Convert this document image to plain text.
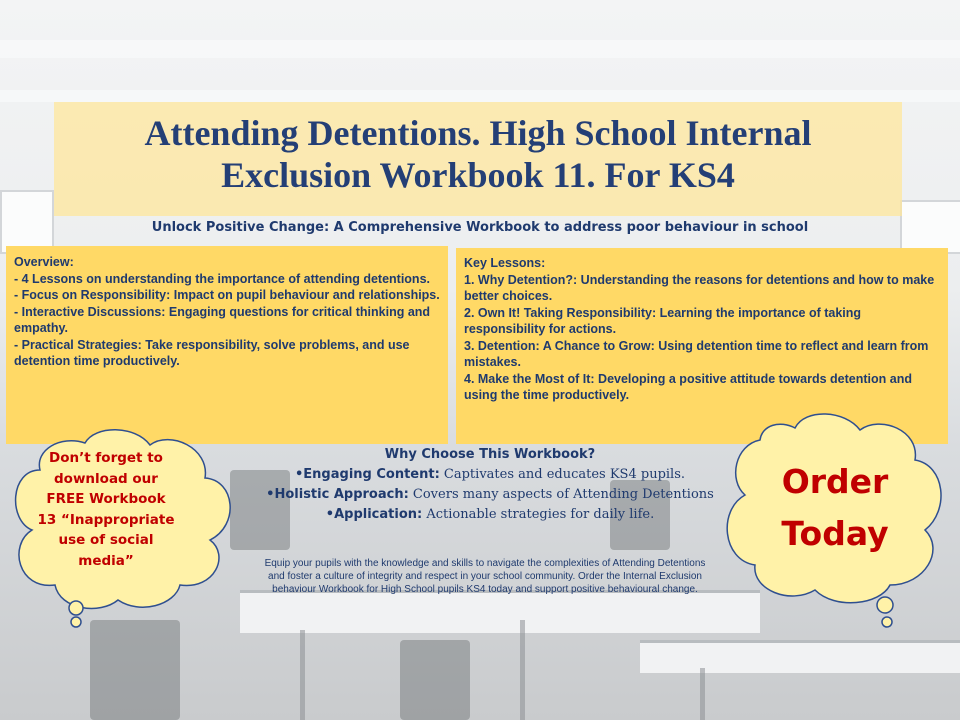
Attending Detentions. High School Internal
Exclusion Workbook 11. For KS4
Unlock Positive Change: A Comprehensive Workbook to address poor behaviour in school
Overview:
- 4 Lessons on understanding the importance of attending detentions.
- Focus on Responsibility: Impact on pupil behaviour and relationships.
- Interactive Discussions: Engaging questions for critical thinking and empathy.
- Practical Strategies: Take responsibility, solve problems, and use detention time productively.
Key Lessons:
1. Why Detention?: Understanding the reasons for detentions and how to make better choices.
2. Own It! Taking Responsibility: Learning the importance of taking responsibility for actions.
3. Detention: A Chance to Grow: Using detention time to reflect and learn from mistakes.
4. Make the Most of It: Developing a positive attitude towards detention and using the time productively.
Why Choose This Workbook?
•Engaging Content: Captivates and educates KS4 pupils.
•Holistic Approach: Covers many aspects of Attending Detentions
•Application: Actionable strategies for daily life.
Equip your pupils with the knowledge and skills to navigate the complexities of Attending Detentions and foster a culture of integrity and respect in your school community. Order the Internal Exclusion behaviour Workbook for High School pupils KS4 today and support positive behavioural change.
Don’t forget to
download our
FREE Workbook
13 “Inappropriate
use of social
media”
Order
Today
